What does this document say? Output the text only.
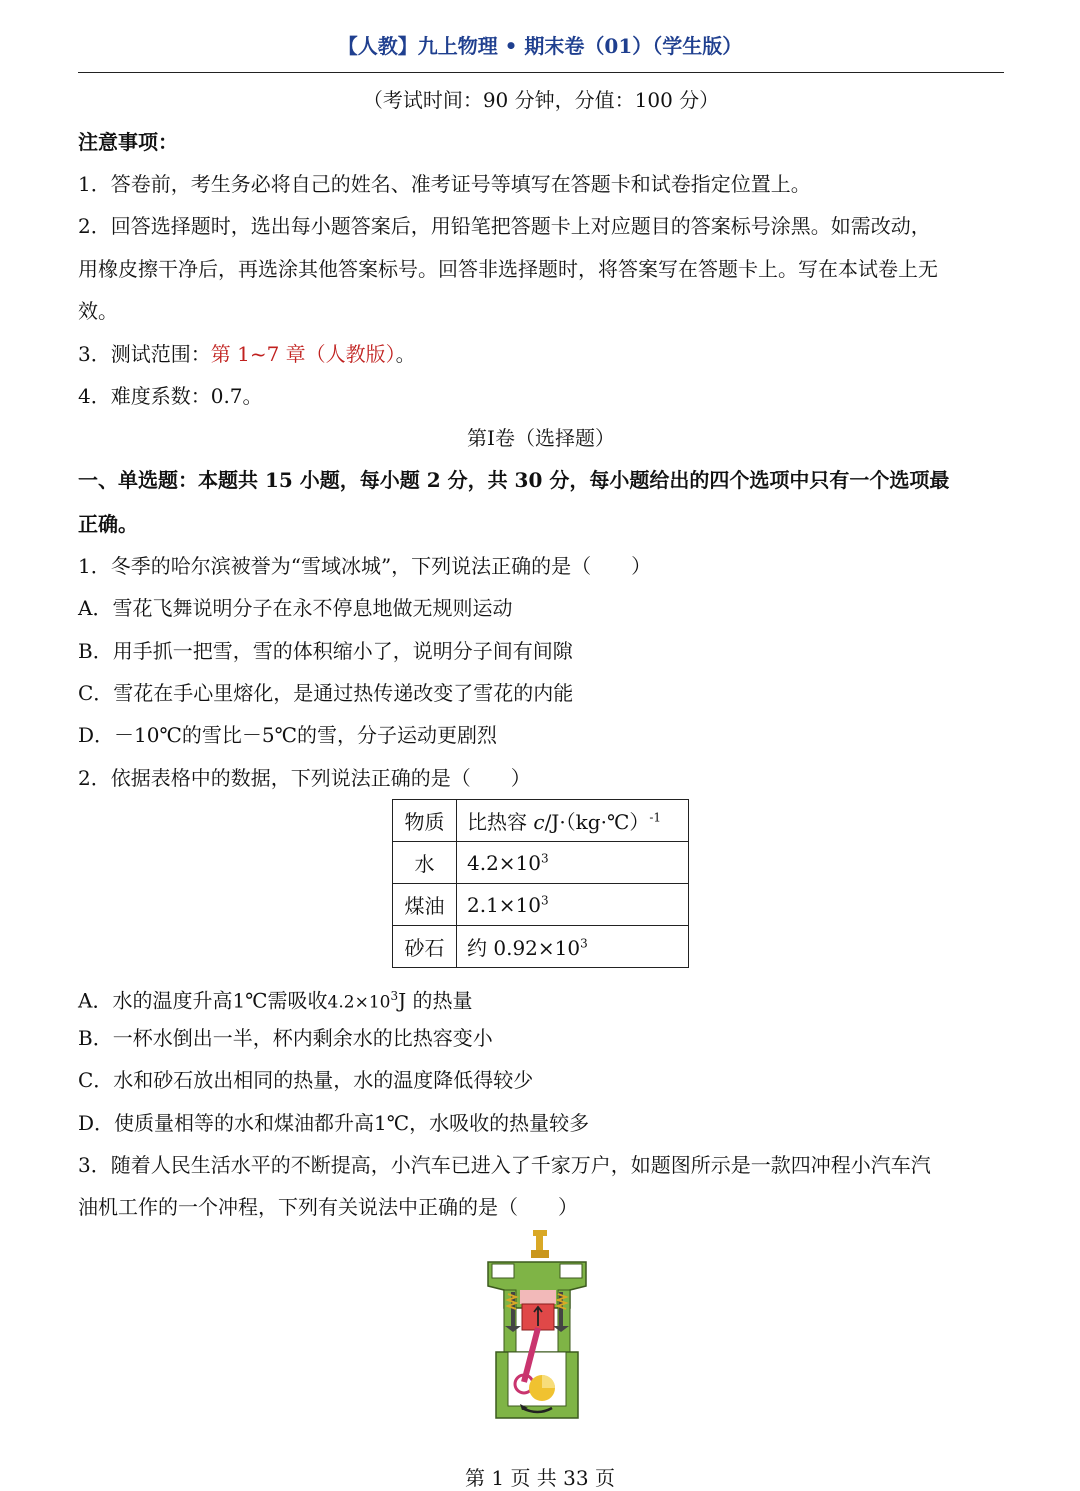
【人教】九上物理 • 期末卷（01）（学生版）
（考试时间：90 分钟，分值：100 分）
注意事项：
1．答卷前，考生务必将自己的姓名、准考证号等填写在答题卡和试卷指定位置上。
2．回答选择题时，选出每小题答案后，用铅笔把答题卡上对应题目的答案标号涂黑。如需改动，
用橡皮擦干净后，再选涂其他答案标号。回答非选择题时，将答案写在答题卡上。写在本试卷上无
效。
3．测试范围：第 1~7 章（人教版）。
4．难度系数：0.7。
第Ⅰ卷（选择题）
一、单选题：本题共 15 小题，每小题 2 分，共 30 分，每小题给出的四个选项中只有一个选项最
正确。
1．冬季的哈尔滨被誉为“雪域冰城”，下列说法正确的是（　　）
A．雪花飞舞说明分子在永不停息地做无规则运动
B．用手抓一把雪，雪的体积缩小了，说明分子间有间隙
C．雪花在手心里熔化，是通过热传递改变了雪花的内能
D．－10℃的雪比－5℃的雪，分子运动更剧烈
2．依据表格中的数据，下列说法正确的是（　　）
物质	比热容 c/J·（kg·℃）$^{-1}$
水	$4.2\times 10^3$
煤油	$2.1\times 10^3$
砂石	约 $0.92\times 10^3$
A．水的温度升高1℃需吸收$4.2\times 10^3J$ 的热量
B．一杯水倒出一半，杯内剩余水的比热容变小
C．水和砂石放出相同的热量，水的温度降低得较少
D．使质量相等的水和煤油都升高1℃，水吸收的热量较多
3．随着人民生活水平的不断提高，小汽车已进入了千家万户，如题图所示是一款四冲程小汽车汽
油机工作的一个冲程，下列有关说法中正确的是（　　）
第 1 页 共 33 页
